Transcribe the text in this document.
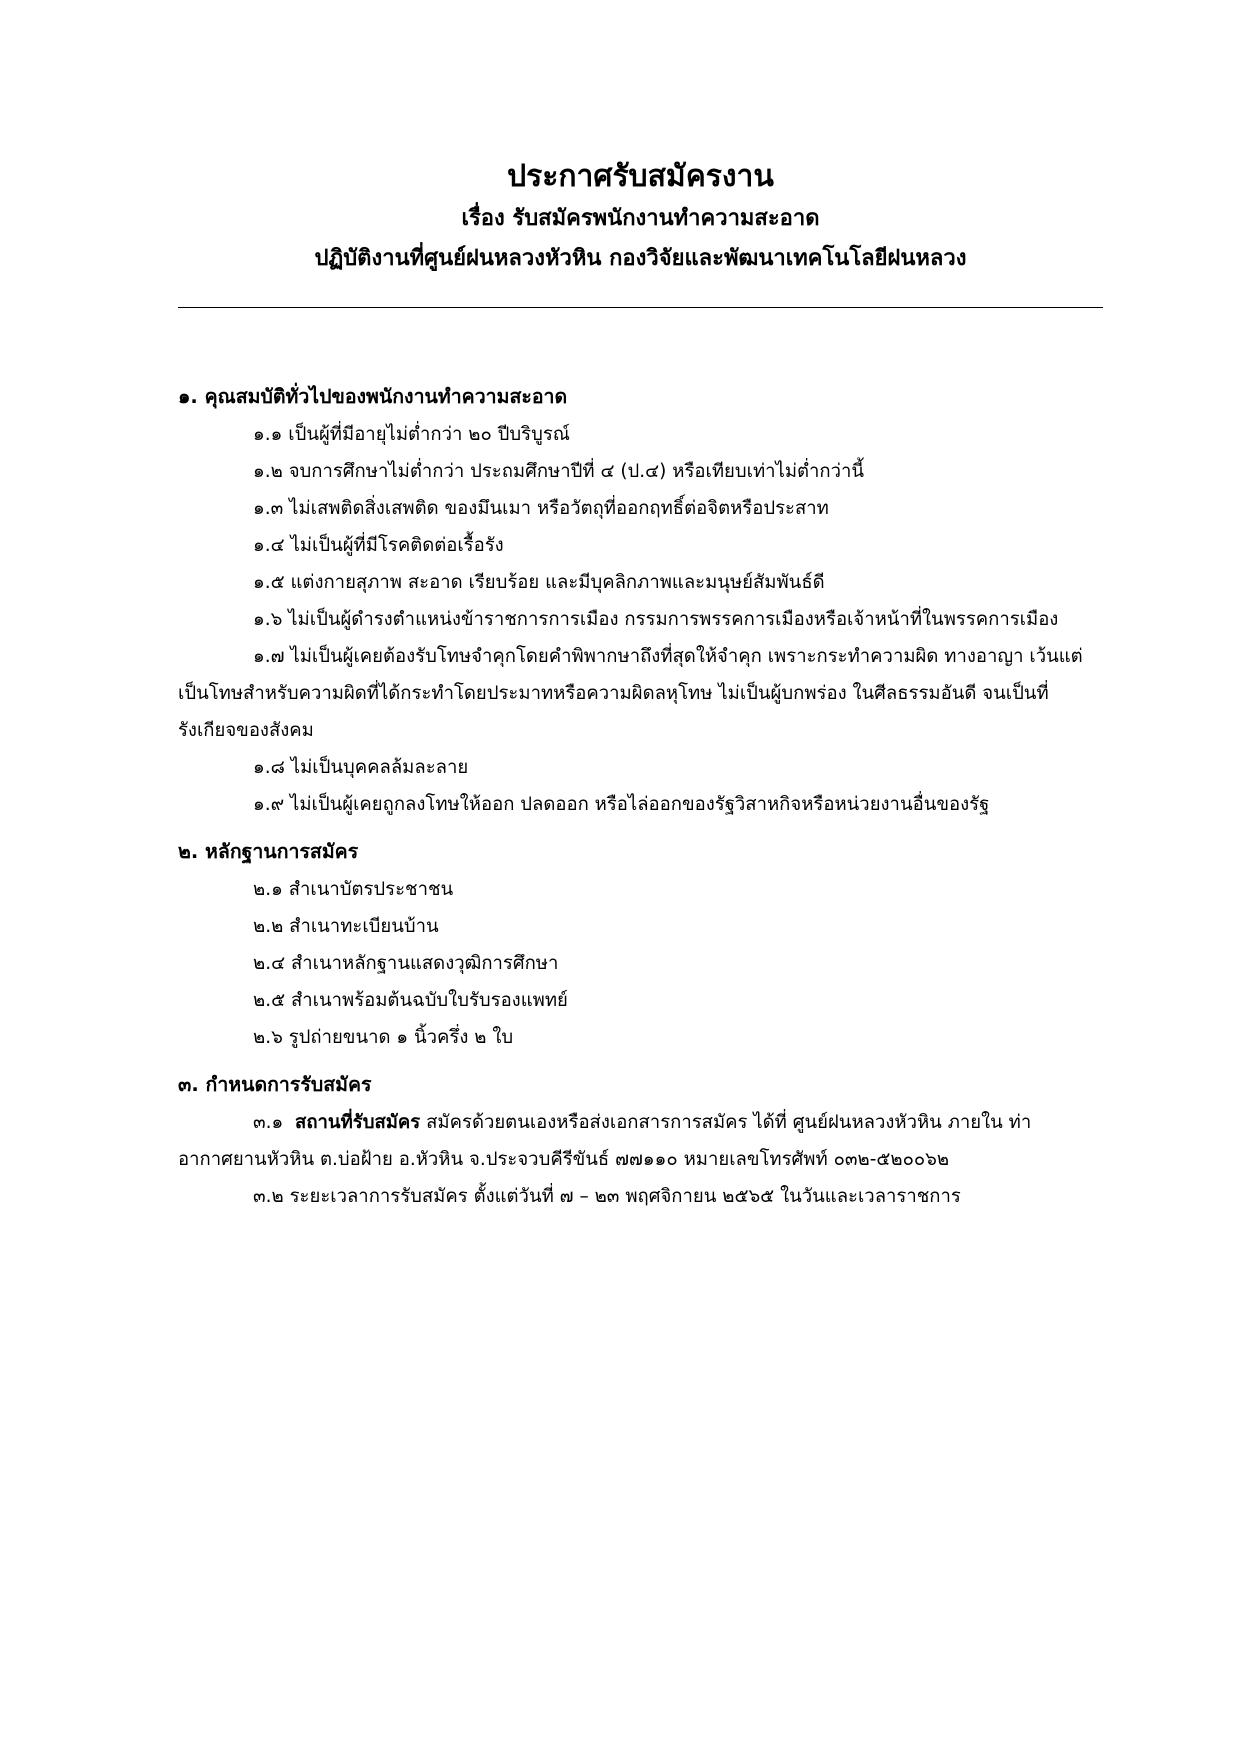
ประกาศรับสมัครงาน

เรื่อง รับสมัครพนักงานทำความสะอาด

ปฏิบัติงานที่ศูนย์ฝนหลวงหัวหิน กองวิจัยและพัฒนาเทคโนโลยีฝนหลวง

๑. คุณสมบัติทั่วไปของพนักงานทำความสะอาด

๑.๑ เป็นผู้ที่มีอายุไม่ต่ำกว่า ๒๐ ปีบริบูรณ์

๑.๒ จบการศึกษาไม่ต่ำกว่า ประถมศึกษาปีที่ ๔ (ป.๔) หรือเทียบเท่าไม่ต่ำกว่านี้

๑.๓ ไม่เสพติดสิ่งเสพติด ของมึนเมา หรือวัตถุที่ออกฤทธิ์ต่อจิตหรือประสาท

๑.๔ ไม่เป็นผู้ที่มีโรคติดต่อเรื้อรัง

๑.๕ แต่งกายสุภาพ สะอาด เรียบร้อย และมีบุคลิกภาพและมนุษย์สัมพันธ์ดี

๑.๖ ไม่เป็นผู้ดำรงตำแหน่งข้าราชการการเมือง กรรมการพรรคการเมืองหรือเจ้าหน้าที่ในพรรคการเมือง

๑.๗ ไม่เป็นผู้เคยต้องรับโทษจำคุกโดยคำพิพากษาถึงที่สุดให้จำคุก เพราะกระทำความผิด ทางอาญา เว้นแต่เป็นโทษสำหรับความผิดที่ได้กระทำโดยประมาทหรือความผิดลหุโทษ ไม่เป็นผู้บกพร่อง ในศีลธรรมอันดี จนเป็นที่รังเกียจของสังคม

๑.๘ ไม่เป็นบุคคลล้มละลาย

๑.๙ ไม่เป็นผู้เคยถูกลงโทษให้ออก ปลดออก หรือไล่ออกของรัฐวิสาหกิจหรือหน่วยงานอื่นของรัฐ

๒. หลักฐานการสมัคร

๒.๑ สำเนาบัตรประชาชน

๒.๒ สำเนาทะเบียนบ้าน

๒.๔ สำเนาหลักฐานแสดงวุฒิการศึกษา

๒.๕ สำเนาพร้อมต้นฉบับใบรับรองแพทย์

๒.๖ รูปถ่ายขนาด ๑ นิ้วครึ่ง ๒ ใบ

๓. กำหนดการรับสมัคร

๓.๑ สถานที่รับสมัคร สมัครด้วยตนเองหรือส่งเอกสารการสมัคร ได้ที่ ศูนย์ฝนหลวงหัวหิน ภายใน ท่าอากาศยานหัวหิน ต.บ่อฝ้าย อ.หัวหิน จ.ประจวบคีรีขันธ์ ๗๗๑๑๐ หมายเลขโทรศัพท์ ๐๓๒-๕๒๐๐๖๒

๓.๒ ระยะเวลาการรับสมัคร ตั้งแต่วันที่ ๗ – ๒๓ พฤศจิกายน ๒๕๖๕ ในวันและเวลาราชการ
